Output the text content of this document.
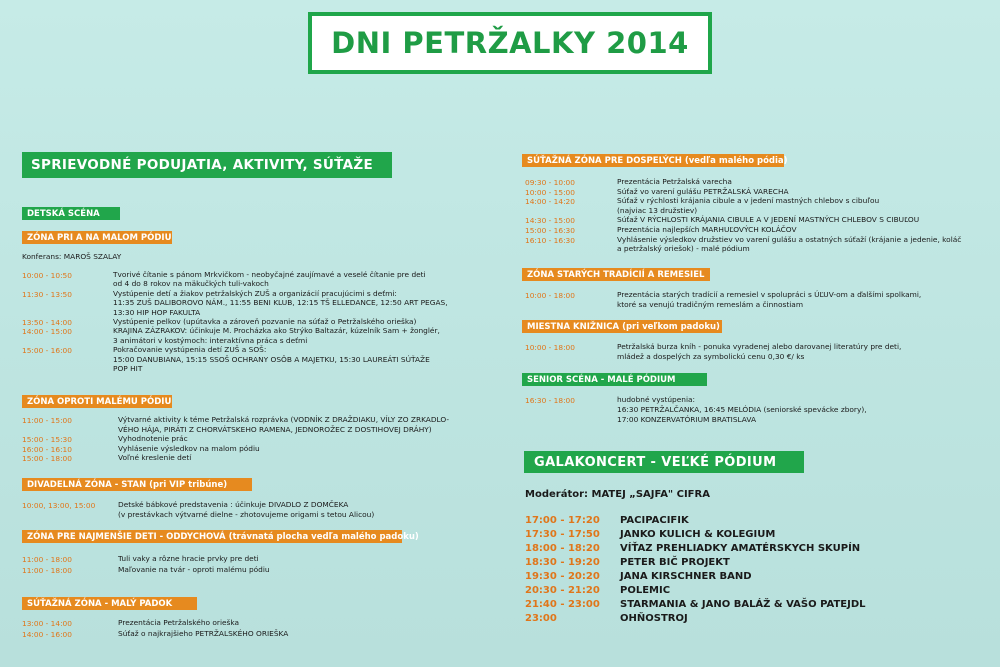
DNI PETRŽALKY 2014
SPRIEVODNÉ PODUJATIA, AKTIVITY, SÚŤAŽE
DETSKÁ SCÉNA
ZÓNA PRI A NA MALOM PÓDIU
Konferans: MAROŠ SZALAY
10:00 - 10:50	Tvorivé čítanie s pánom Mrkvičkom - neobyčajné zaujímavé a veselé čítanie pre deti
od 4 do 8 rokov na mäkučkých tuli-vakoch
11:30 - 13:50	Vystúpenie detí a žiakov petržalských ZUŠ a organizácií pracujúcimi s deťmi:
11:35 ZUŠ DALIBOROVO NÁM., 11:55 BENI KLUB, 12:15 TŠ ELLEDANCE, 12:50 ART PEGAS,
13:30 HIP HOP FAKULTA
13:50 - 14:00	Vystúpenie pelkov (upútavka a zároveň pozvanie na súťaž o Petržalského orieška)
14:00 - 15:00	KRAJINA ZÁZRAKOV: účinkuje M. Procházka ako Strýko Baltazár, kúzelník Sam + žonglér,
3 animátori v kostýmoch: interaktívna práca s deťmi
15:00 - 16:00	Pokračovanie vystúpenia detí ZUŠ a SOŠ:
15:00 DANUBIANA, 15:15 SSOŠ OCHRANY OSÔB A MAJETKU, 15:30 LAUREÁTI SÚŤAŽE
POP HIT
ZÓNA OPROTI MALÉMU PÓDIU
11:00 - 15:00	Výtvarné aktivity k téme Petržalská rozprávka (VODNÍK Z DRAŽDIAKU, VÍLY ZO ZRKADLO-
VÉHO HÁJA, PIRÁTI Z CHORVÁTSKEHO RAMENA, JEDNOROŽEC Z DOSTIHOVEJ DRÁHY)
15:00 - 15:30	Vyhodnotenie prác
16:00 - 16:10	Vyhlásenie výsledkov na malom pódiu
15:00 - 18:00	Voľné kreslenie detí
DIVADELNÁ ZÓNA - STAN (pri VIP tribúne)
10:00, 13:00, 15:00	Detské bábkové predstavenia : účinkuje DIVADLO Z DOMČEKA
(v prestávkach výtvarné dielne - zhotovujeme origami s tetou Alicou)
ZÓNA PRE NAJMENŠIE DETI - ODDYCHOVÁ (trávnatá plocha vedľa malého padoku)
11:00 - 18:00	Tuli vaky a rôzne hracie prvky pre deti
11:00 - 18:00	Maľovanie na tvár - oproti malému pódiu
SÚŤAŽNÁ ZÓNA - MALÝ PADOK
13:00 - 14:00	Prezentácia Petržalského orieška
14:00 - 16:00	Súťaž o najkrajšieho PETRŽALSKÉHO ORIEŠKA
SÚŤAŽNÁ ZÓNA PRE DOSPELÝCH (vedľa malého pódia)
09:30 - 10:00	Prezentácia Petržalská varecha
10:00 - 15:00	Súťaž vo varení gulášu PETRŽALSKÁ VARECHA
14:00 - 14:20	Súťaž v rýchlosti krájania cibule a v jedení mastných chlebov s cibuľou
(najviac 13 družstiev)
14:30 - 15:00	Súťaž V RÝCHLOSTI KRÁJANIA CIBULE A V JEDENÍ MASTNÝCH CHLEBOV S CIBUĽOU
15:00 - 16:30	Prezentácia najlepších MARHUĽOVÝCH KOLÁČOV
16:10 - 16:30	Vyhlásenie výsledkov družstiev vo varení gulášu a ostatných súťaží (krájanie a jedenie, koláč
a petržalský oriešok) - malé pódium
ZÓNA STARÝCH TRADÍCIÍ A REMESIEL
10:00 - 18:00	Prezentácia starých tradícií a remesiel v spolupráci s ÚĽUV-om a ďalšími spolkami,
ktoré sa venujú tradičným remeslám a činnostiam
MIESTNA KNIŽNICA (pri veľkom padoku)
10:00 - 18:00	Petržalská burza kníh - ponuka vyradenej alebo darovanej literatúry pre deti,
mládež a dospelých za symbolickú cenu 0,30 €/ ks
SENIOR SCÉNA - MALÉ PÓDIUM
16:30 - 18:00	hudobné vystúpenia:
16:30 PETRŽALČANKA, 16:45 MELÓDIA (seniorské spevácke zbory),
17:00 KONZERVATÓRIUM BRATISLAVA
GALAKONCERT - VEĽKÉ PÓDIUM
Moderátor: MATEJ „SAJFA" CIFRA
17:00 - 17:20 PACIPACIFIK
17:30 - 17:50 JANKO KULICH & KOLEGIUM
18:00 - 18:20 VÍŤAZ PREHLIADKY AMATÉRSKYCH SKUPÍN
18:30 - 19:20 PETER BIČ PROJEKT
19:30 - 20:20 JANA KIRSCHNER BAND
20:30 - 21:20 POLEMIC
21:40 - 23:00 STARMANIA & JANO BALÁŽ & VAŠO PATEJDL
23:00	OHŇOSTROJ
